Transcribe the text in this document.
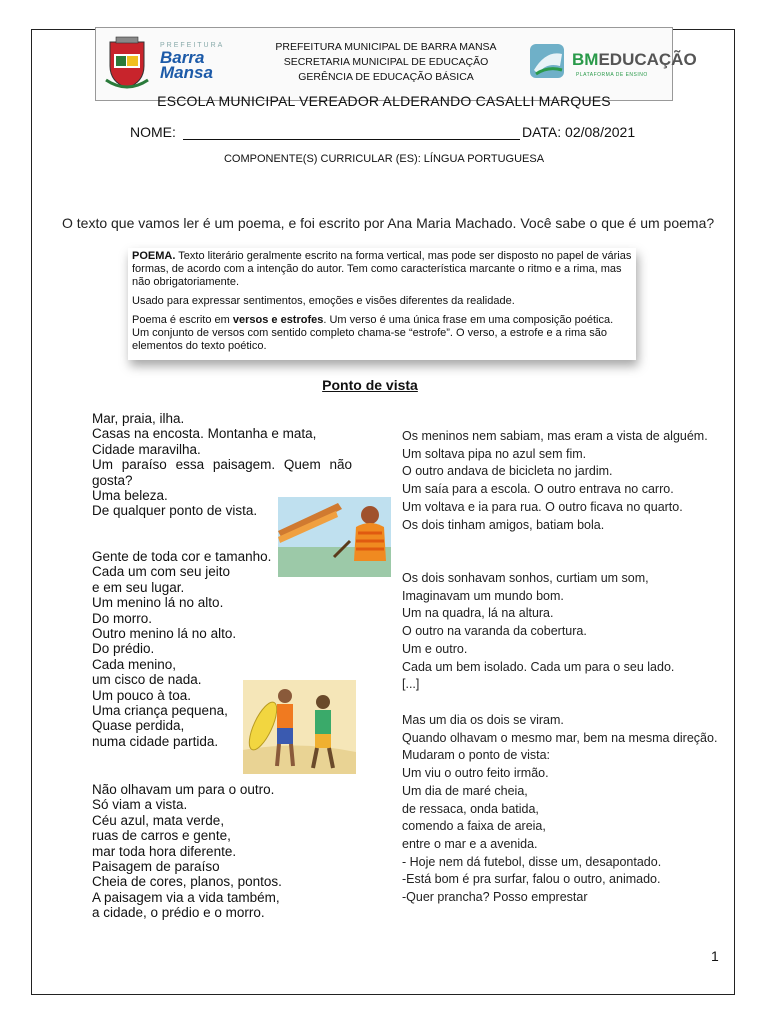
PREFEITURA
Barra
Mansa
PREFEITURA MUNICIPAL DE BARRA MANSA
SECRETARIA MUNICIPAL DE EDUCAÇÃO
GERÊNCIA DE EDUCAÇÃO BÁSICA
BMEDUCAÇÃO
PLATAFORMA DE ENSINO
ESCOLA MUNICIPAL VEREADOR ALDERANDO CASALLI MARQUES
NOME:	DATA: 02/08/2021
COMPONENTE(S) CURRICULAR (ES): LÍNGUA PORTUGUESA
O texto que vamos ler é um poema, e foi escrito por Ana Maria Machado. Você sabe o que é um poema?

POEMA. Texto literário geralmente escrito na forma vertical, mas pode ser disposto no papel de várias formas, de acordo com a intenção do autor. Tem como característica marcante o ritmo e a rima, mas não obrigatoriamente.

Usado para expressar sentimentos, emoções e visões diferentes da realidade.

Poema é escrito em versos e estrofes. Um verso é uma única frase em uma composição poética. Um conjunto de versos com sentido completo chama-se “estrofe”. O verso, a estrofe e a rima são elementos do texto poético.

Ponto de vista
Mar, praia, ilha.
Casas na encosta. Montanha e mata,
Cidade maravilha.
Um paraíso essa paisagem. Quem não
gosta?
Uma beleza.
De qualquer ponto de vista.
Gente de toda cor e tamanho.
Cada um com seu jeito
e em seu lugar.
Um menino lá no alto.
Do morro.
Outro menino lá no alto.
Do prédio.
Cada menino,
um cisco de nada.
Um pouco à toa.
Uma criança pequena,
Quase perdida,
numa cidade partida.
Não olhavam um para o outro.
Só viam a vista.
Céu azul, mata verde,
ruas de carros e gente,
mar toda hora diferente.
Paisagem de paraíso
Cheia de cores, planos, pontos.
A paisagem via a vida também,
a cidade, o prédio e o morro.
Os meninos nem sabiam, mas eram a vista de alguém.
Um soltava pipa no azul sem fim.
O outro andava de bicicleta no jardim.
Um saía para a escola. O outro entrava no carro.
Um voltava e ia para rua. O outro ficava no quarto.
Os dois tinham amigos, batiam bola.
Os dois sonhavam sonhos, curtiam um som,
Imaginavam um mundo bom.
Um na quadra, lá na altura.
O outro na varanda da cobertura.
Um e outro.
Cada um bem isolado. Cada um para o seu lado.
[...]
Mas um dia os dois se viram.
Quando olhavam o mesmo mar, bem na mesma direção.
Mudaram o ponto de vista:
Um viu o outro feito irmão.
Um dia de maré cheia,
de ressaca, onda batida,
comendo a faixa de areia,
entre o mar e a avenida.
- Hoje nem dá futebol, disse um, desapontado.
-Está bom é pra surfar, falou o outro, animado.
-Quer prancha? Posso emprestar
1
